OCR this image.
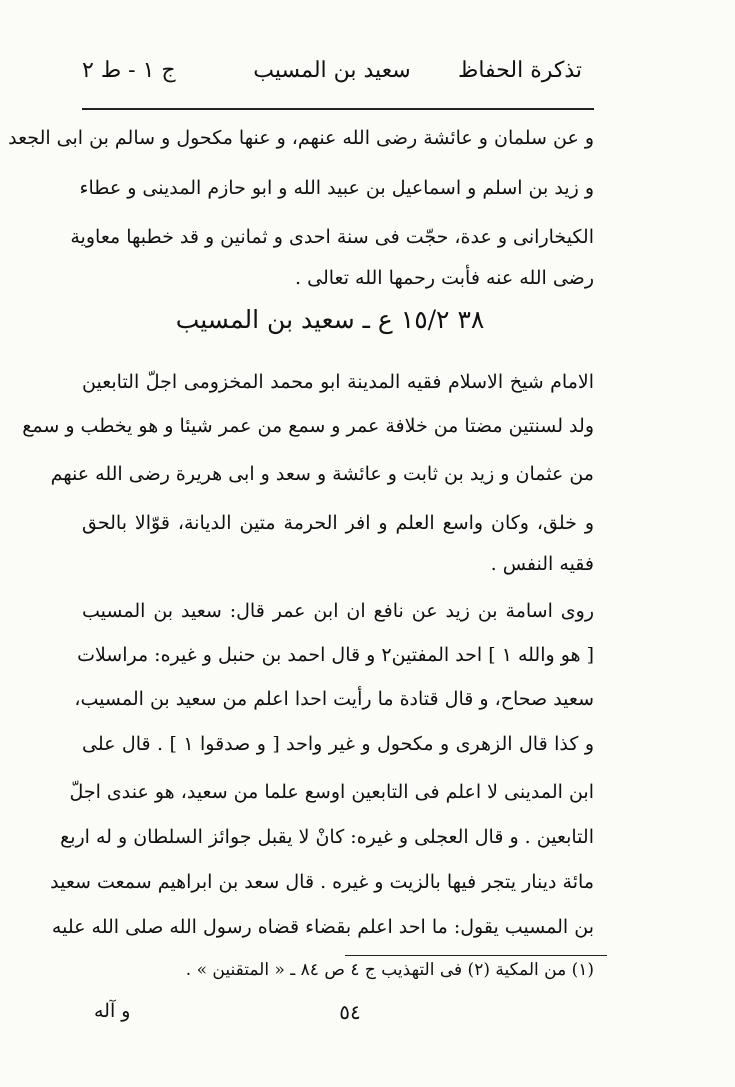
تذكرة الحفاظ
سعيد بن المسيب
ج ١ - ط ٢
و عن سلمان و عائشة رضى الله عنهم، و عنها مكحول و سالم بن ابى الجعد
و زيد بن اسلم و اسماعيل بن عبيد الله و ابو حازم المدينى و عطاء
الكيخارانى و عدة، حجّت فى سنة احدى و ثمانين و قد خطبها معاوية
رضى الله عنه فأبت رحمها الله تعالى .
٣٨ ١٥/٢ ع ـ سعيد بن المسيب
الامام شيخ الاسلام فقيه المدينة ابو محمد المخزومى اجلّ التابعين
ولد لسنتين مضتا من خلافة عمر و سمع من عمر شيئا و هو يخطب و سمع
من عثمان و زيد بن ثابت و عائشة و سعد و ابى هريرة رضى الله عنهم
و خلق، وكان واسع العلم و افر الحرمة متين الديانة، قوّالا بالحق
فقيه النفس .
روى اسامة بن زيد عن نافع ان ابن عمر قال: سعيد بن المسيب
[ هو والله ١ ] احد المفتين٢ و قال احمد بن حنبل و غيره: مراسلات
سعيد صحاح، و قال قتادة ما رأيت احدا اعلم من سعيد بن المسيب،
و كذا قال الزهرى و مكحول و غير واحد [ و صدقوا ١ ] . قال على
ابن المدينى لا اعلم فى التابعين اوسع علما من سعيد، هو عندى اجلّ
التابعين . و قال العجلى و غيره: كانْ لا يقبل جوائز السلطان و له اربع
مائة دينار يتجر فيها بالزيت و غيره . قال سعد بن ابراهيم سمعت سعيد
بن المسيب يقول: ما احد اعلم بقضاء قضاه رسول الله صلى الله عليه
(١) من المكية (٢) فى التهذيب ج ٤ ص ٨٤ ـ « المتقنين » .
٥٤
و آله
